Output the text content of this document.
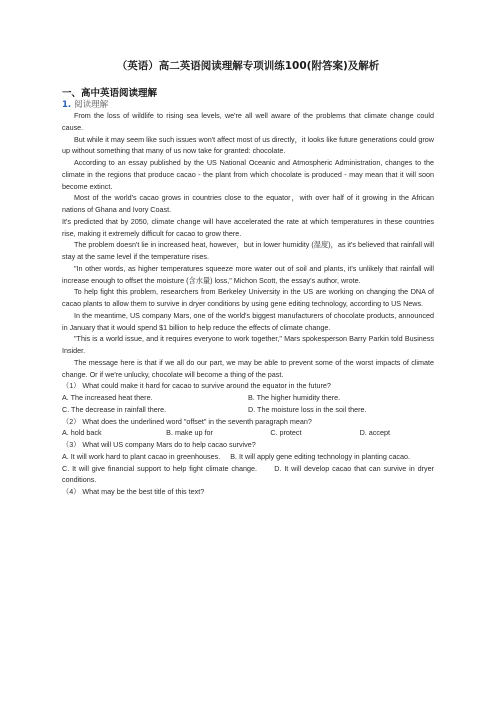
（英语）高二英语阅读理解专项训练100(附答案)及解析
一、高中英语阅读理解
1. 阅读理解

From the loss of wildlife to rising sea levels, we're all well aware of the problems that climate change could cause.

But while it may seem like such issues won't affect most of us directly，it looks like future generations could grow up without something that many of us now take for granted: chocolate.

According to an essay published by the US National Oceanic and Atmospheric Administration, changes to the climate in the regions that produce cacao - the plant from which chocolate is produced - may mean that it will soon become extinct.

Most of the world's cacao grows in countries close to the equator，with over half of it growing in the African nations of Ghana and Ivory Coast.

It's predicted that by 2050, climate change will have accelerated the rate at which temperatures in these countries rise, making it extremely difficult for cacao to grow there.

The problem doesn't lie in increased heat, however，but in lower humidity (湿度)，as it's believed that rainfall will stay at the same level if the temperature rises.

"In other words, as higher temperatures squeeze more water out of soil and plants, it's unlikely that rainfall will increase enough to offset the moisture (含水量) loss," Michon Scott, the essay's author, wrote.

To help fight this problem, researchers from Berkeley University in the US are working on changing the DNA of cacao plants to allow them to survive in dryer conditions by using gene editing technology, according to US News.

In the meantime, US company Mars, one of the world's biggest manufacturers of chocolate products, announced in January that it would spend $1 billion to help reduce the effects of climate change.

"This is a world issue, and it requires everyone to work together," Mars spokesperson Barry Parkin told Business Insider.

The message here is that if we all do our part, we may be able to prevent some of the worst impacts of climate change. Or if we're unlucky, chocolate will become a thing of the past.

（1） What could make it hard for cacao to survive around the equator in the future?

A. The increased heat there.	B. The higher humidity there.
C. The decrease in rainfall there.	D. The moisture loss in the soil there.

（2） What does the underlined word "offset" in the seventh paragraph mean?

A. hold back	B. make up for	C. protect	D. accept

（3） What will US company Mars do to help cacao survive?

A. It will work hard to plant cacao in greenhouses. B. It will apply gene editing technology in planting cacao.

C. It will give financial support to help fight climate change. D. It will develop cacao that can survive in dryer conditions.

（4） What may be the best title of this text?
